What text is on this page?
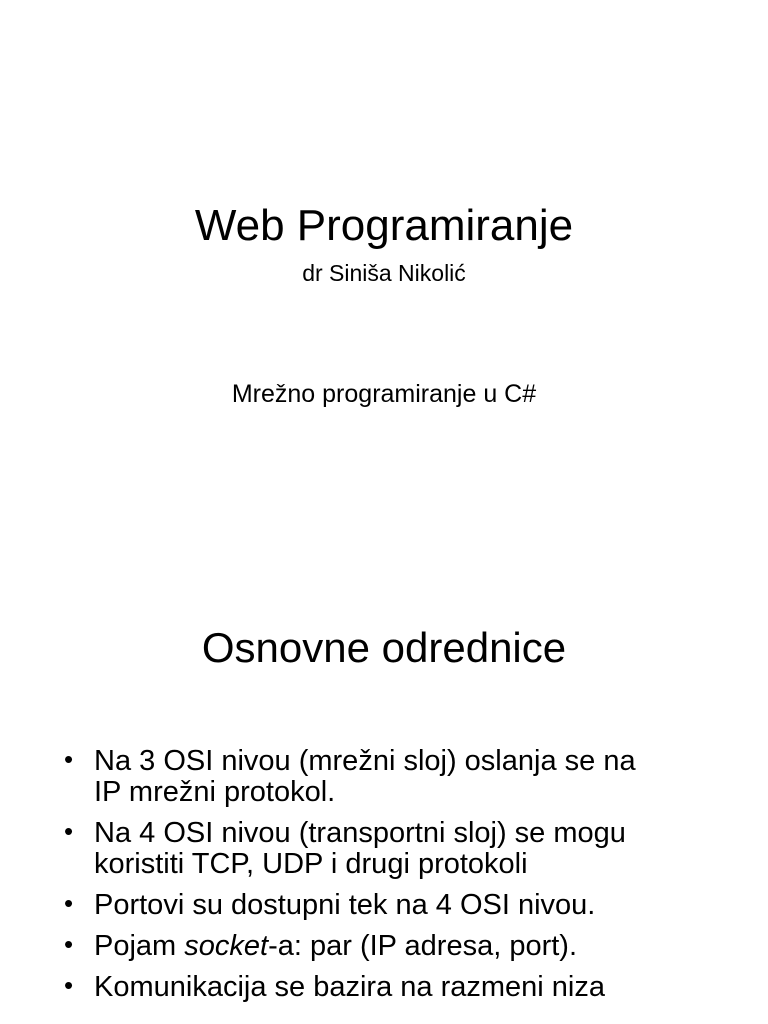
Web Programiranje
dr Siniša Nikolić
Mrežno programiranje u C#
Osnovne odrednice
• Na 3 OSI nivou (mrežni sloj) oslanja se na
IP mrežni protokol.
• Na 4 OSI nivou (transportni sloj) se mogu
koristiti TCP, UDP i drugi protokoli
• Portovi su dostupni tek na 4 OSI nivou.
• Pojam socket-a: par (IP adresa, port).
• Komunikacija se bazira na razmeni niza
